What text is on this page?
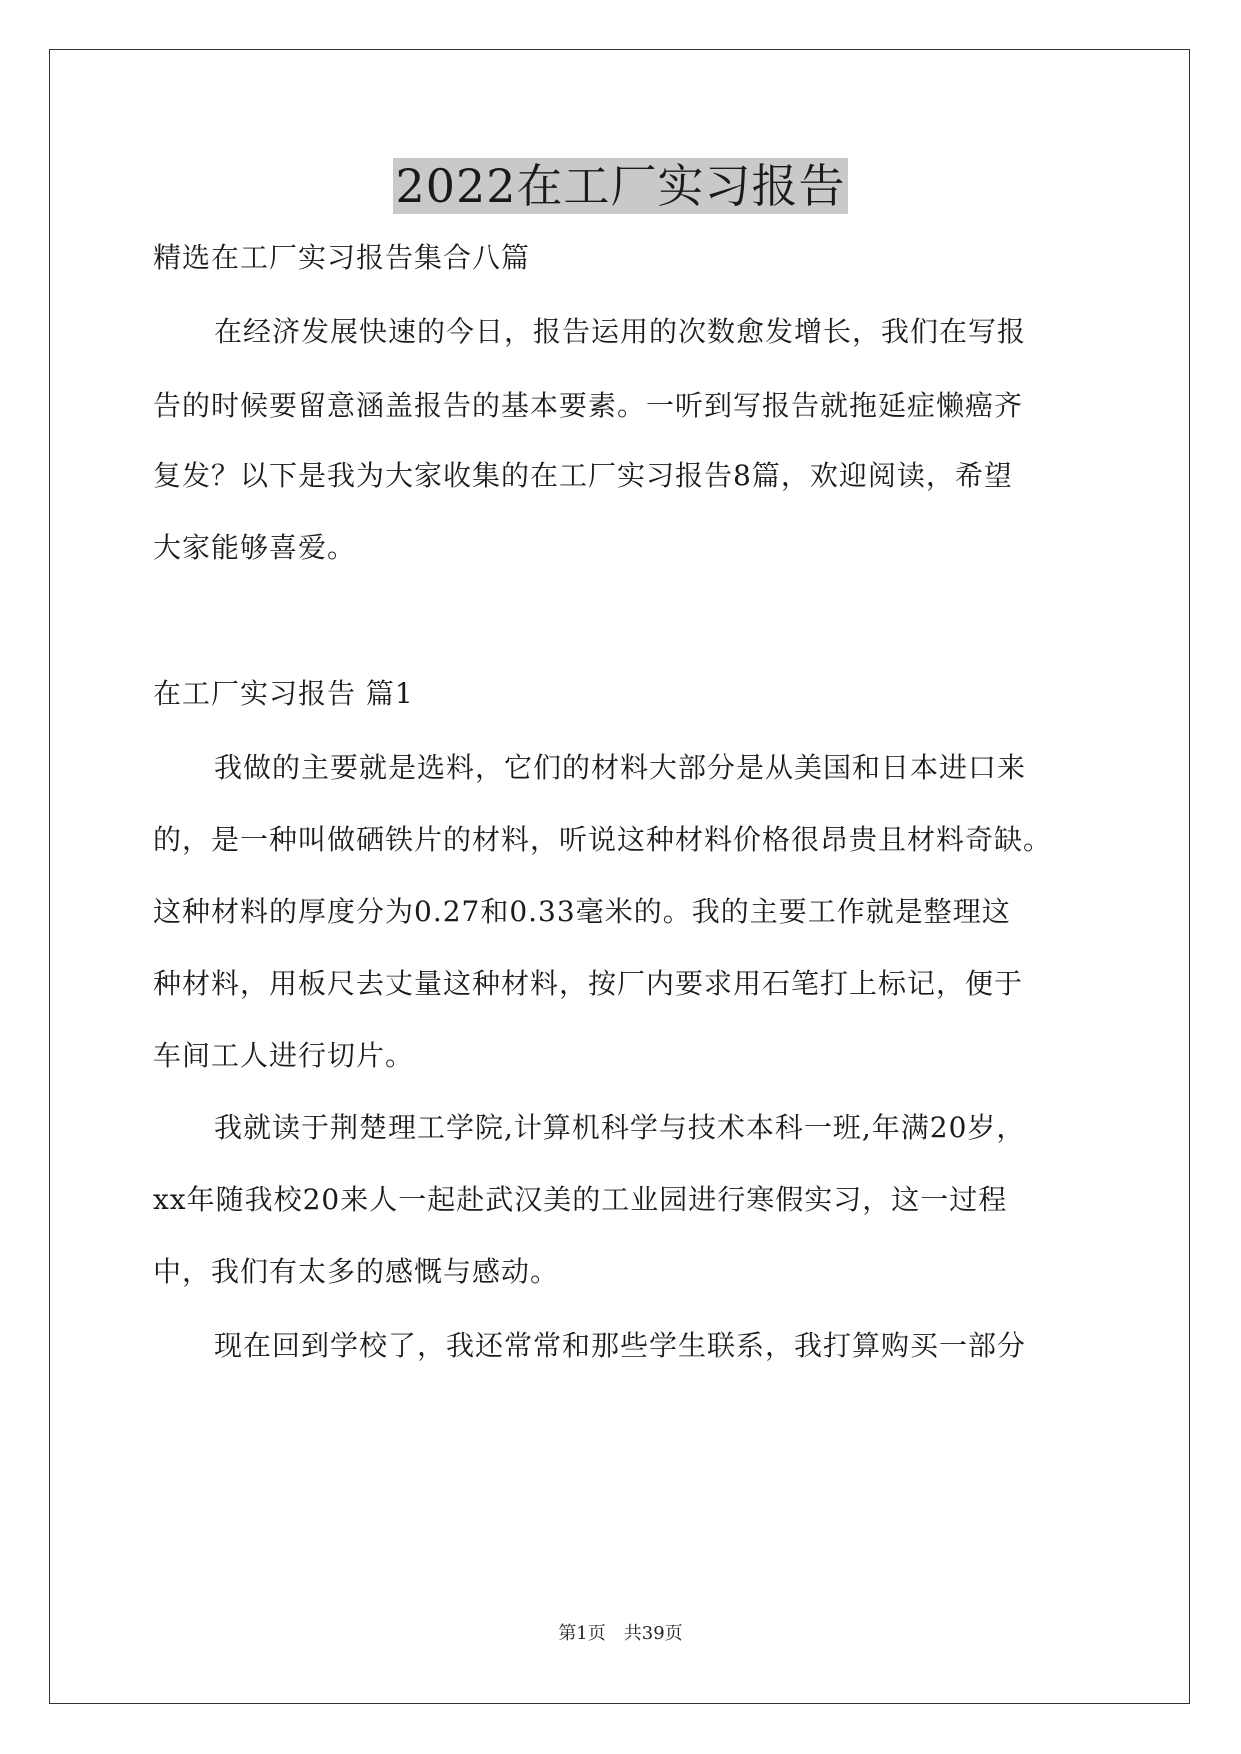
2022在工厂实习报告

精选在工厂实习报告集合八篇

在经济发展快速的今日，报告运用的次数愈发增长，我们在写报

告的时候要留意涵盖报告的基本要素。一听到写报告就拖延症懒癌齐

复发？以下是我为大家收集的在工厂实习报告8篇，欢迎阅读，希望

大家能够喜爱。

在工厂实习报告 篇1

我做的主要就是选料，它们的材料大部分是从美国和日本进口来

的，是一种叫做硒铁片的材料，听说这种材料价格很昂贵且材料奇缺。

这种材料的厚度分为0.27和0.33毫米的。我的主要工作就是整理这

种材料，用板尺去丈量这种材料，按厂内要求用石笔打上标记，便于

车间工人进行切片。

我就读于荆楚理工学院,计算机科学与技术本科一班,年满20岁，

xx年随我校20来人一起赴武汉美的工业园进行寒假实习，这一过程

中，我们有太多的感慨与感动。

现在回到学校了，我还常常和那些学生联系，我打算购买一部分

第1页 共39页
